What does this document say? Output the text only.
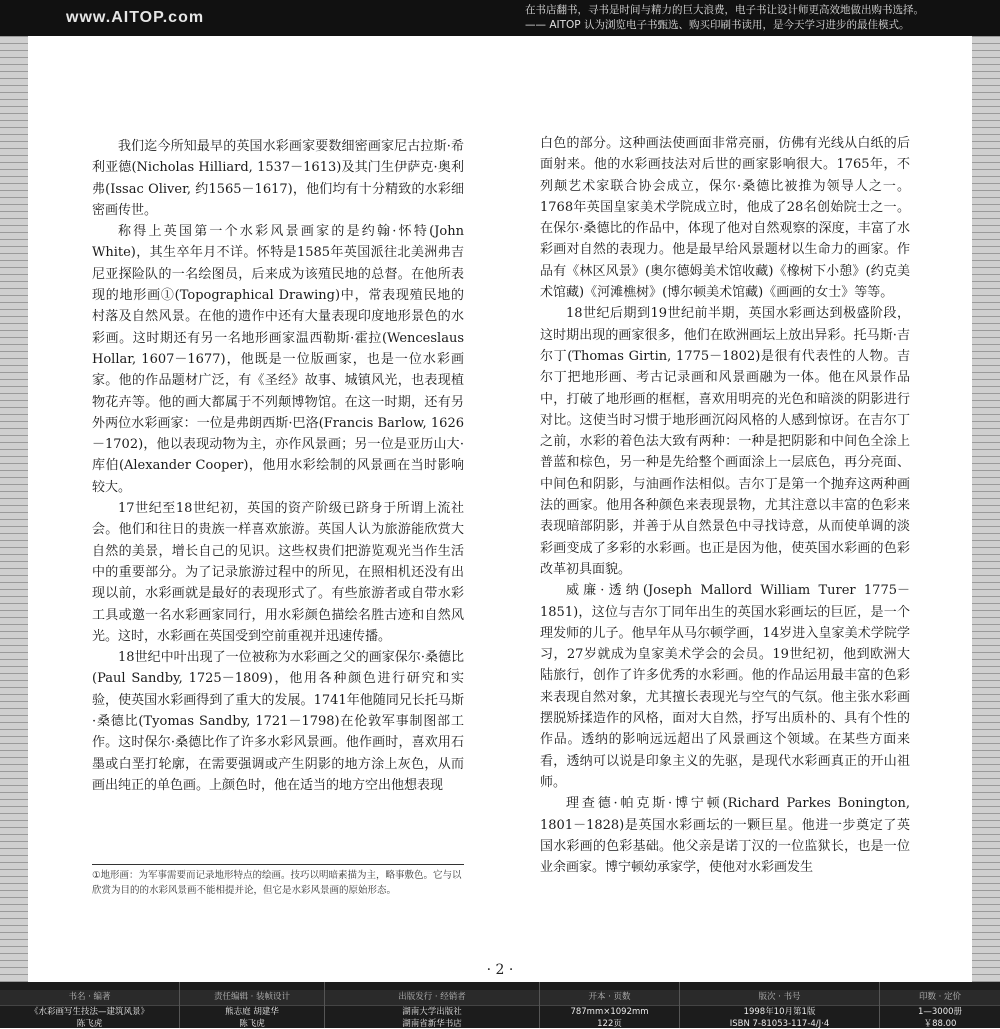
www.AITOP.com	在书店翻书，寻书是时间与精力的巨大浪费，电子书让设计师更高效地做出购书选择。
—— AITOP 认为浏览电子书甄选、购买印刷书读用，是今天学习进步的最佳模式。

我们迄今所知最早的英国水彩画家要数细密画家尼古拉斯·希利亚德(Nicholas Hilliard, 1537－1613)及其门生伊萨克·奥利弗(Issac Oliver, 约1565－1617)，他们均有十分精致的水彩细密画传世。

称得上英国第一个水彩风景画家的是约翰·怀特(John White)，其生卒年月不详。怀特是1585年英国派往北美洲弗吉尼亚探险队的一名绘图员，后来成为该殖民地的总督。在他所表现的地形画①(Topographical Drawing)中，常表现殖民地的村落及自然风景。在他的遗作中还有大量表现印度地形景色的水彩画。这时期还有另一名地形画家温西勒斯·霍拉(Wenceslaus Hollar, 1607－1677)，他既是一位版画家，也是一位水彩画家。他的作品题材广泛，有《圣经》故事、城镇风光，也表现植物花卉等。他的画大都属于不列颠博物馆。在这一时期，还有另外两位水彩画家：一位是弗朗西斯·巴洛(Francis Barlow, 1626－1702)，他以表现动物为主，亦作风景画；另一位是亚历山大·库伯(Alexander Cooper)，他用水彩绘制的风景画在当时影响较大。

17世纪至18世纪初，英国的资产阶级已跻身于所谓上流社会。他们和往日的贵族一样喜欢旅游。英国人认为旅游能欣赏大自然的美景，增长自己的见识。这些权贵们把游览观光当作生活中的重要部分。为了记录旅游过程中的所见，在照相机还没有出现以前，水彩画就是最好的表现形式了。有些旅游者或自带水彩工具或邀一名水彩画家同行，用水彩颜色描绘名胜古迹和自然风光。这时，水彩画在英国受到空前重视并迅速传播。

18世纪中叶出现了一位被称为水彩画之父的画家保尔·桑德比(Paul Sandby, 1725－1809)，他用各种颜色进行研究和实验，使英国水彩画得到了重大的发展。1741年他随同兄长托马斯·桑德比(Tyomas Sandby, 1721－1798)在伦敦军事制图部工作。这时保尔·桑德比作了许多水彩风景画。他作画时，喜欢用石墨或白垩打轮廓，在需要强调或产生阴影的地方涂上灰色，从而画出纯正的单色画。上颜色时，他在适当的地方空出他想表现

白色的部分。这种画法使画面非常亮丽，仿佛有光线从白纸的后面射来。他的水彩画技法对后世的画家影响很大。1765年，不列颠艺术家联合协会成立，保尔·桑德比被推为领导人之一。1768年英国皇家美术学院成立时，他成了28名创始院士之一。在保尔·桑德比的作品中，体现了他对自然观察的深度，丰富了水彩画对自然的表现力。他是最早给风景题材以生命力的画家。作品有《林区风景》(奥尔德姆美术馆收藏)《橡树下小憩》(约克美术馆藏)《河滩樵树》(博尔顿美术馆藏)《画画的女士》等等。

18世纪后期到19世纪前半期，英国水彩画达到极盛阶段，这时期出现的画家很多，他们在欧洲画坛上放出异彩。托马斯·吉尔丁(Thomas Girtin, 1775－1802)是很有代表性的人物。吉尔丁把地形画、考古记录画和风景画融为一体。他在风景作品中，打破了地形画的框框，喜欢用明亮的光色和暗淡的阴影进行对比。这使当时习惯于地形画沉闷风格的人感到惊讶。在吉尔丁之前，水彩的着色法大致有两种：一种是把阴影和中间色全涂上普蓝和棕色，另一种是先给整个画面涂上一层底色，再分亮面、中间色和阴影，与油画作法相似。吉尔丁是第一个抛弃这两种画法的画家。他用各种颜色来表现景物，尤其注意以丰富的色彩来表现暗部阴影，并善于从自然景色中寻找诗意，从而使单调的淡彩画变成了多彩的水彩画。也正是因为他，使英国水彩画的色彩改革初具面貌。

威廉·透纳(Joseph Mallord William Turer 1775－1851)，这位与吉尔丁同年出生的英国水彩画坛的巨匠，是一个理发师的儿子。他早年从马尔顿学画，14岁进入皇家美术学院学习，27岁就成为皇家美术学会的会员。19世纪初，他到欧洲大陆旅行，创作了许多优秀的水彩画。他的作品运用最丰富的色彩来表现自然对象，尤其擅长表现光与空气的气氛。他主张水彩画摆脱矫揉造作的风格，面对大自然，抒写出质朴的、具有个性的作品。透纳的影响远远超出了风景画这个领域。在某些方面来看，透纳可以说是印象主义的先驱，是现代水彩画真正的开山祖师。

理查德·帕克斯·博宁顿(Richard Parkes Bonington, 1801－1828)是英国水彩画坛的一颗巨星。他进一步奠定了英国水彩画的色彩基础。他父亲是诺丁汉的一位监狱长，也是一位业余画家。博宁顿幼承家学，使他对水彩画发生

①地形画：为军事需要而记录地形特点的绘画。技巧以明暗素描为主，略事敷色。它与以欣赏为目的的水彩风景画不能相提并论，但它是水彩风景画的原始形态。
· 2 ·
书名 · 编著
《水彩画写生技法—建筑风景》
陈飞虎
责任编辑 · 装帧设计
熊志庭 胡建华
陈飞虎
出版发行 · 经销者
湖南大学出版社
湖南省新华书店
开本 · 页数
787mm×1092mm
122页
版次 · 书号
1998年10月第1版
ISBN 7-81053-117-4/J·4
印数 · 定价
1—3000册
￥88.00
